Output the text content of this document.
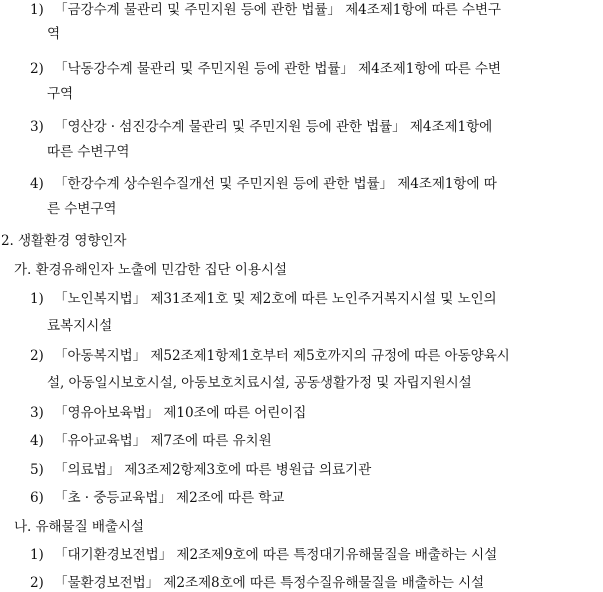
1) 「금강수계 물관리 및 주민지원 등에 관한 법률」 제4조제1항에 따른 수변구
역
2) 「낙동강수계 물관리 및 주민지원 등에 관한 법률」 제4조제1항에 따른 수변
구역
3) 「영산강 · 섬진강수계 물관리 및 주민지원 등에 관한 법률」 제4조제1항에
따른 수변구역
4) 「한강수계 상수원수질개선 및 주민지원 등에 관한 법률」 제4조제1항에 따
른 수변구역
2. 생활환경 영향인자
가. 환경유해인자 노출에 민감한 집단 이용시설
1) 「노인복지법」 제31조제1호 및 제2호에 따른 노인주거복지시설 및 노인의
료복지시설
2) 「아동복지법」 제52조제1항제1호부터 제5호까지의 규정에 따른 아동양육시
설, 아동일시보호시설, 아동보호치료시설, 공동생활가정 및 자립지원시설
3) 「영유아보육법」 제10조에 따른 어린이집
4) 「유아교육법」 제7조에 따른 유치원
5) 「의료법」 제3조제2항제3호에 따른 병원급 의료기관
6) 「초 · 중등교육법」 제2조에 따른 학교
나. 유해물질 배출시설
1) 「대기환경보전법」 제2조제9호에 따른 특정대기유해물질을 배출하는 시설
2) 「물환경보전법」 제2조제8호에 따른 특정수질유해물질을 배출하는 시설
